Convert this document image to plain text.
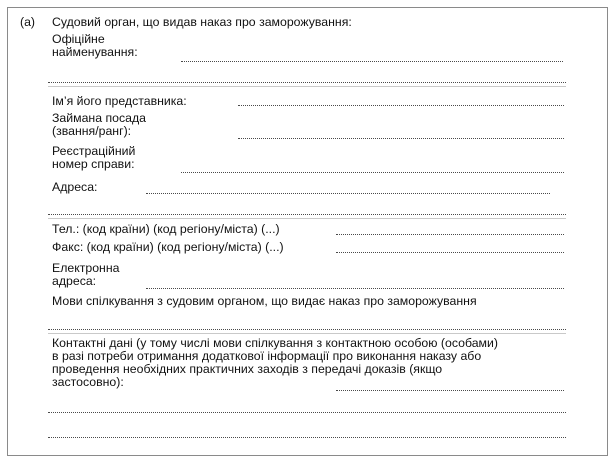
(a) Судовий орган, що видав наказ про заморожування:
Офіційне
найменування:
Ім’я його представника:
Займана посада
(звання/ранг):
Реєстраційний
номер справи:
Адреса:
Тел.: (код країни) (код регіону/міста) (...)
Факс: (код країни) (код регіону/міста) (...)
Електронна
адреса:
Мови спілкування з судовим органом, що видає наказ про заморожування
Контактні дані (у тому числі мови спілкування з контактною особою (особами)
в разі потреби отримання додаткової інформації про виконання наказу або
проведення необхідних практичних заходів з передачі доказів (якщо
застосовно):
